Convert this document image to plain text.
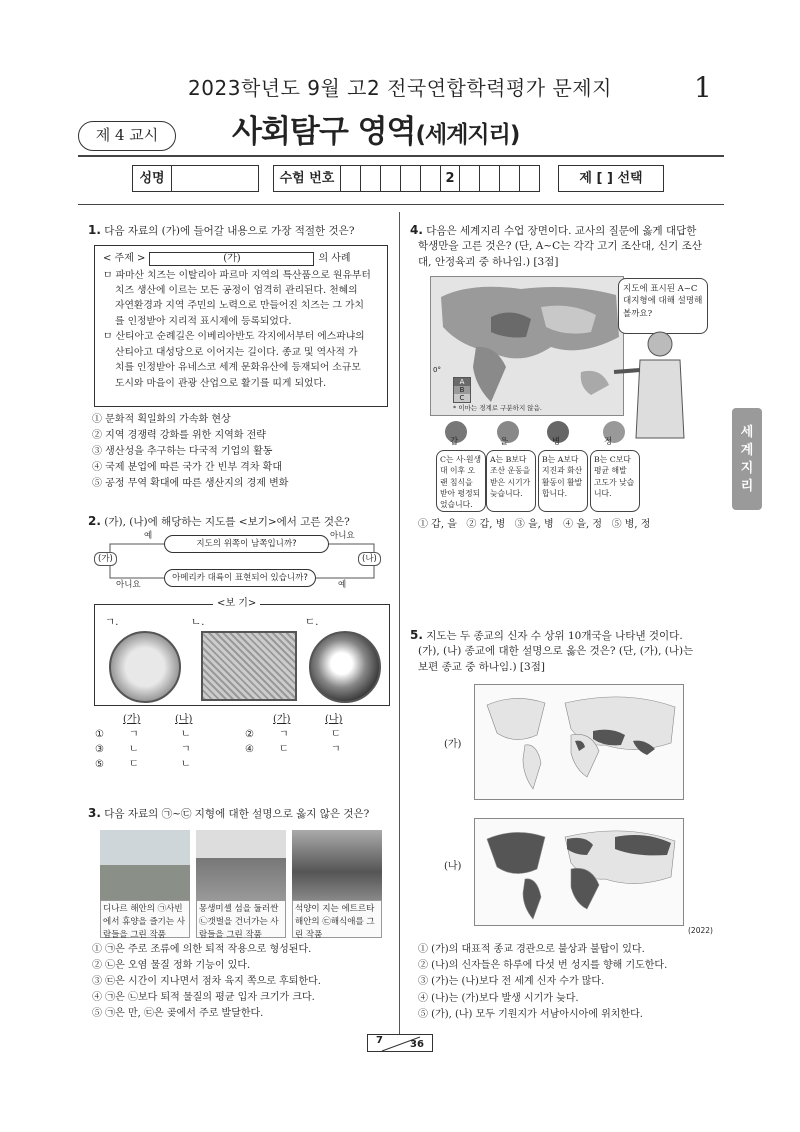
2023학년도 9월 고2 전국연합학력평가 문제지	1
제 4 교시	사회탐구 영역(세계지리)
성명	수험 번호	2	제 [ ] 선택
1. 다음 자료의 (가)에 들어갈 내용으로 가장 적절한 것은?
< 주제 >	(가)	의 사례
ㅁ 파마산 치즈는 이탈리아 파르마 지역의 특산품으로 원유부터
치즈 생산에 이르는 모든 공정이 엄격히 관리된다. 천혜의
자연환경과 지역 주민의 노력으로 만들어진 치즈는 그 가치
를 인정받아 지리적 표시제에 등록되었다.
ㅁ 산티아고 순례길은 이베리아반도 각지에서부터 에스파냐의
산티아고 대성당으로 이어지는 길이다. 종교 및 역사적 가
치를 인정받아 유네스코 세계 문화유산에 등재되어 소규모
도시와 마을이 관광 산업으로 활기를 띠게 되었다.
① 문화적 획일화의 가속화 현상
② 지역 경쟁력 강화를 위한 지역화 전략
③ 생산성을 추구하는 다국적 기업의 활동
④ 국제 분업에 따른 국가 간 빈부 격차 확대
⑤ 공정 무역 확대에 따른 생산지의 경제 변화
2. (가), (나)에 해당하는 지도를 <보기>에서 고른 것은?
지도의 위쪽이 남쪽입니까?
아메리카 대륙이 표현되어 있습니까?
예	아니요
아니요	예
(가)	(나)
<보 기>
ㄱ.	ㄴ.	ㄷ.
(가)	(나)	(가)	(나)
①	ㄱ	ㄴ	②	ㄱ	ㄷ
③	ㄴ	ㄱ	④	ㄷ	ㄱ
⑤	ㄷ	ㄴ
3. 다음 자료의 ㉠~㉢ 지형에 대한 설명으로 옳지 않은 것은?
디나르 해안의 ㉠사빈에서 휴양을 즐기는 사람들을 그린 작품
몽생미셸 섬을 둘러싼 ㉡갯벌을 건너가는 사람들을 그린 작품
석양이 지는 에트르타 해안의 ㉢해식애를 그린 작품
① ㉠은 주로 조류에 의한 퇴적 작용으로 형성된다.
② ㉡은 오염 물질 정화 기능이 있다.
③ ㉢은 시간이 지나면서 점차 육지 쪽으로 후퇴한다.
④ ㉠은 ㉡보다 퇴적 물질의 평균 입자 크기가 크다.
⑤ ㉠은 만, ㉢은 곶에서 주로 발달한다.
4. 다음은 세계지리 수업 장면이다. 교사의 질문에 옳게 대답한
학생만을 고른 것은? (단, A~C는 각각 고기 조산대, 신기 조산
대, 안정육괴 중 하나임.) [3점]
A
B
C
0°
* 이마는 경계로 구분하지 않음.
지도에 표시된 A~C 대지형에 대해 설명해 볼까요?
갑
C는 사·원생대 이후 오랜 침식을 받아 평정되었습니다.
을
A는 B보다 조산 운동을 받은 시기가 늦습니다.
병
B는 A보다 지진과 화산 활동이 활발합니다.
정
B는 C보다 평균 해발 고도가 낮습니다.
① 갑, 을   ② 갑, 병   ③ 을, 병   ④ 을, 정   ⑤ 병, 정
세
계
지
리
5. 지도는 두 종교의 신자 수 상위 10개국을 나타낸 것이다.
(가), (나) 종교에 대한 설명으로 옳은 것은? (단, (가), (나)는
보편 종교 중 하나임.) [3점]
(가)
(나)
(2022)
① (가)의 대표적 종교 경관으로 불상과 불탑이 있다.
② (나)의 신자들은 하루에 다섯 번 성지를 향해 기도한다.
③ (가)는 (나)보다 전 세계 신자 수가 많다.
④ (나)는 (가)보다 발생 시기가 늦다.
⑤ (가), (나) 모두 기원지가 서남아시아에 위치한다.
7	36
